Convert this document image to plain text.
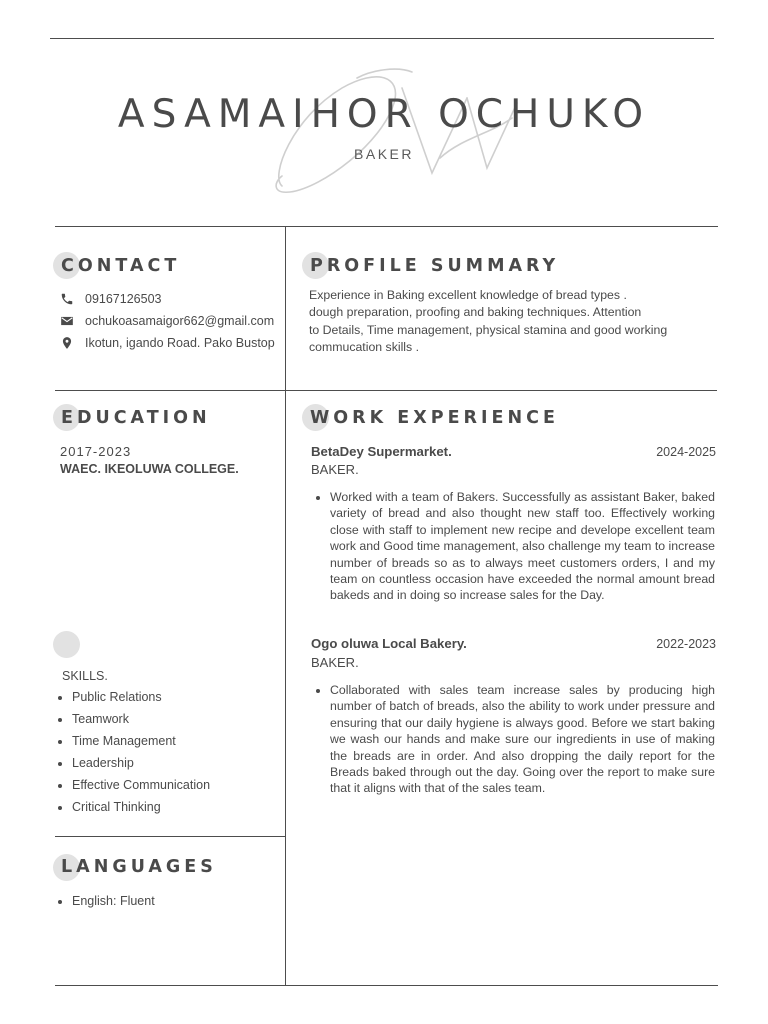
ASAMAIHOR OCHUKO
BAKER
CONTACT
09167126503
ochukoasamaigor662@gmail.com
Ikotun, igando Road. Pako Bustop
PROFILE SUMMARY
Experience in Baking excellent knowledge of bread types .
dough preparation, proofing and baking techniques. Attention
to Details, Time management, physical stamina and good working
commucation skills .
EDUCATION
2017-2023
WAEC. IKEOLUWA COLLEGE.
SKILLS.
• Public Relations
• Teamwork
• Time Management
• Leadership
• Effective Communication
• Critical Thinking
LANGUAGES
• English: Fluent
WORK EXPERIENCE
BetaDey Supermarket.	2024-2025
BAKER.
• Worked with a team of Bakers. Successfully as assistant Baker, baked variety of bread and also thought new staff too. Effectively working close with staff to implement new recipe and develope excellent team work and Good time management, also challenge my team to increase number of breads so as to always meet customers orders, I and my team on countless occasion have exceeded the normal amount bread bakeds and in doing so increase sales for the Day.
Ogo oluwa Local Bakery.	2022-2023
BAKER.
• Collaborated with sales team increase sales by producing high number of batch of breads, also the ability to work under pressure and ensuring that our daily hygiene is always good. Before we start baking we wash our hands and make sure our ingredients in use of making the breads are in order. And also dropping the daily report for the Breads baked through out the day. Going over the report to make sure that it aligns with that of the sales team.
